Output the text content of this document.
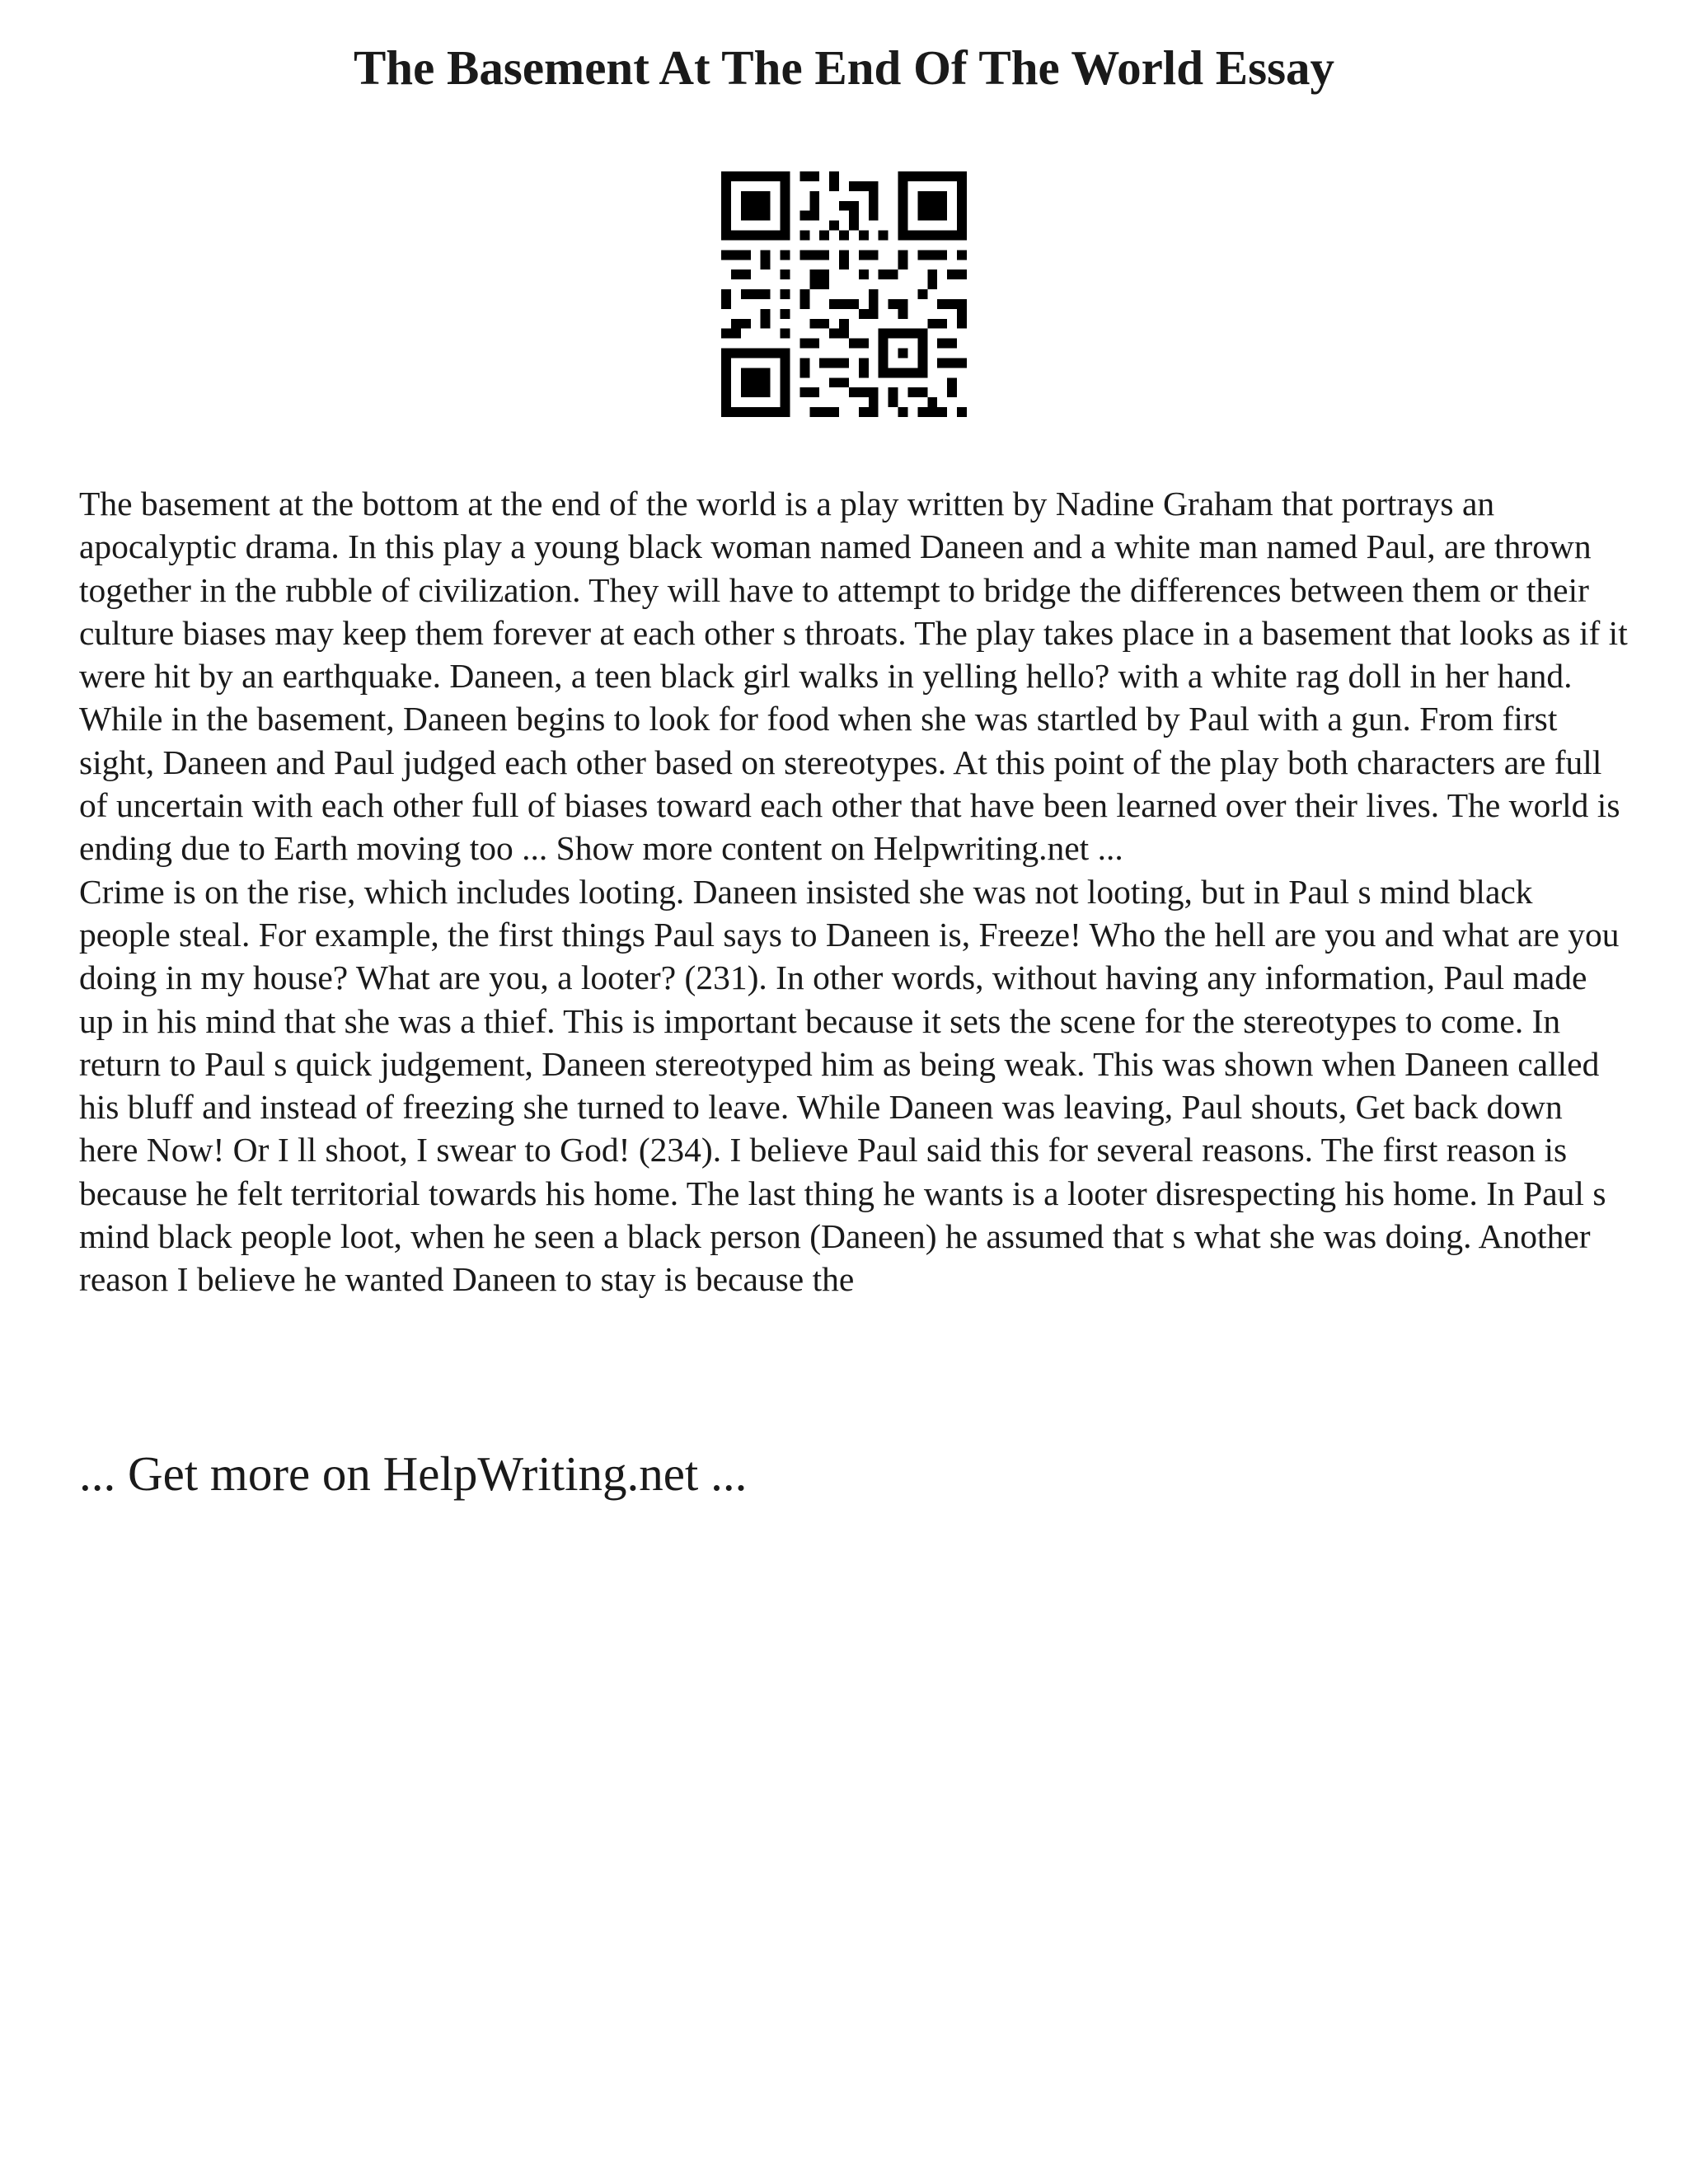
The Basement At The End Of The World Essay

The basement at the bottom at the end of the world is a play written by Nadine Graham that portrays an apocalyptic drama. In this play a young black woman named Daneen and a white man named Paul, are thrown together in the rubble of civilization. They will have to attempt to bridge the differences between them or their culture biases may keep them forever at each other s throats. The play takes place in a basement that looks as if it were hit by an earthquake. Daneen, a teen black girl walks in yelling hello? with a white rag doll in her hand. While in the basement, Daneen begins to look for food when she was startled by Paul with a gun. From first sight, Daneen and Paul judged each other based on stereotypes. At this point of the play both characters are full of uncertain with each other full of biases toward each other that have been learned over their lives. The world is ending due to Earth moving too ... Show more content on Helpwriting.net ...

Crime is on the rise, which includes looting. Daneen insisted she was not looting, but in Paul s mind black people steal. For example, the first things Paul says to Daneen is, Freeze! Who the hell are you and what are you doing in my house? What are you, a looter? (231). In other words, without having any information, Paul made up in his mind that she was a thief. This is important because it sets the scene for the stereotypes to come. In return to Paul s quick judgement, Daneen stereotyped him as being weak. This was shown when Daneen called his bluff and instead of freezing she turned to leave. While Daneen was leaving, Paul shouts, Get back down here Now! Or I ll shoot, I swear to God! (234). I believe Paul said this for several reasons. The first reason is because he felt territorial towards his home. The last thing he wants is a looter disrespecting his home. In Paul s mind black people loot, when he seen a black person (Daneen) he assumed that s what she was doing. Another reason I believe he wanted Daneen to stay is because the

... Get more on HelpWriting.net ...
